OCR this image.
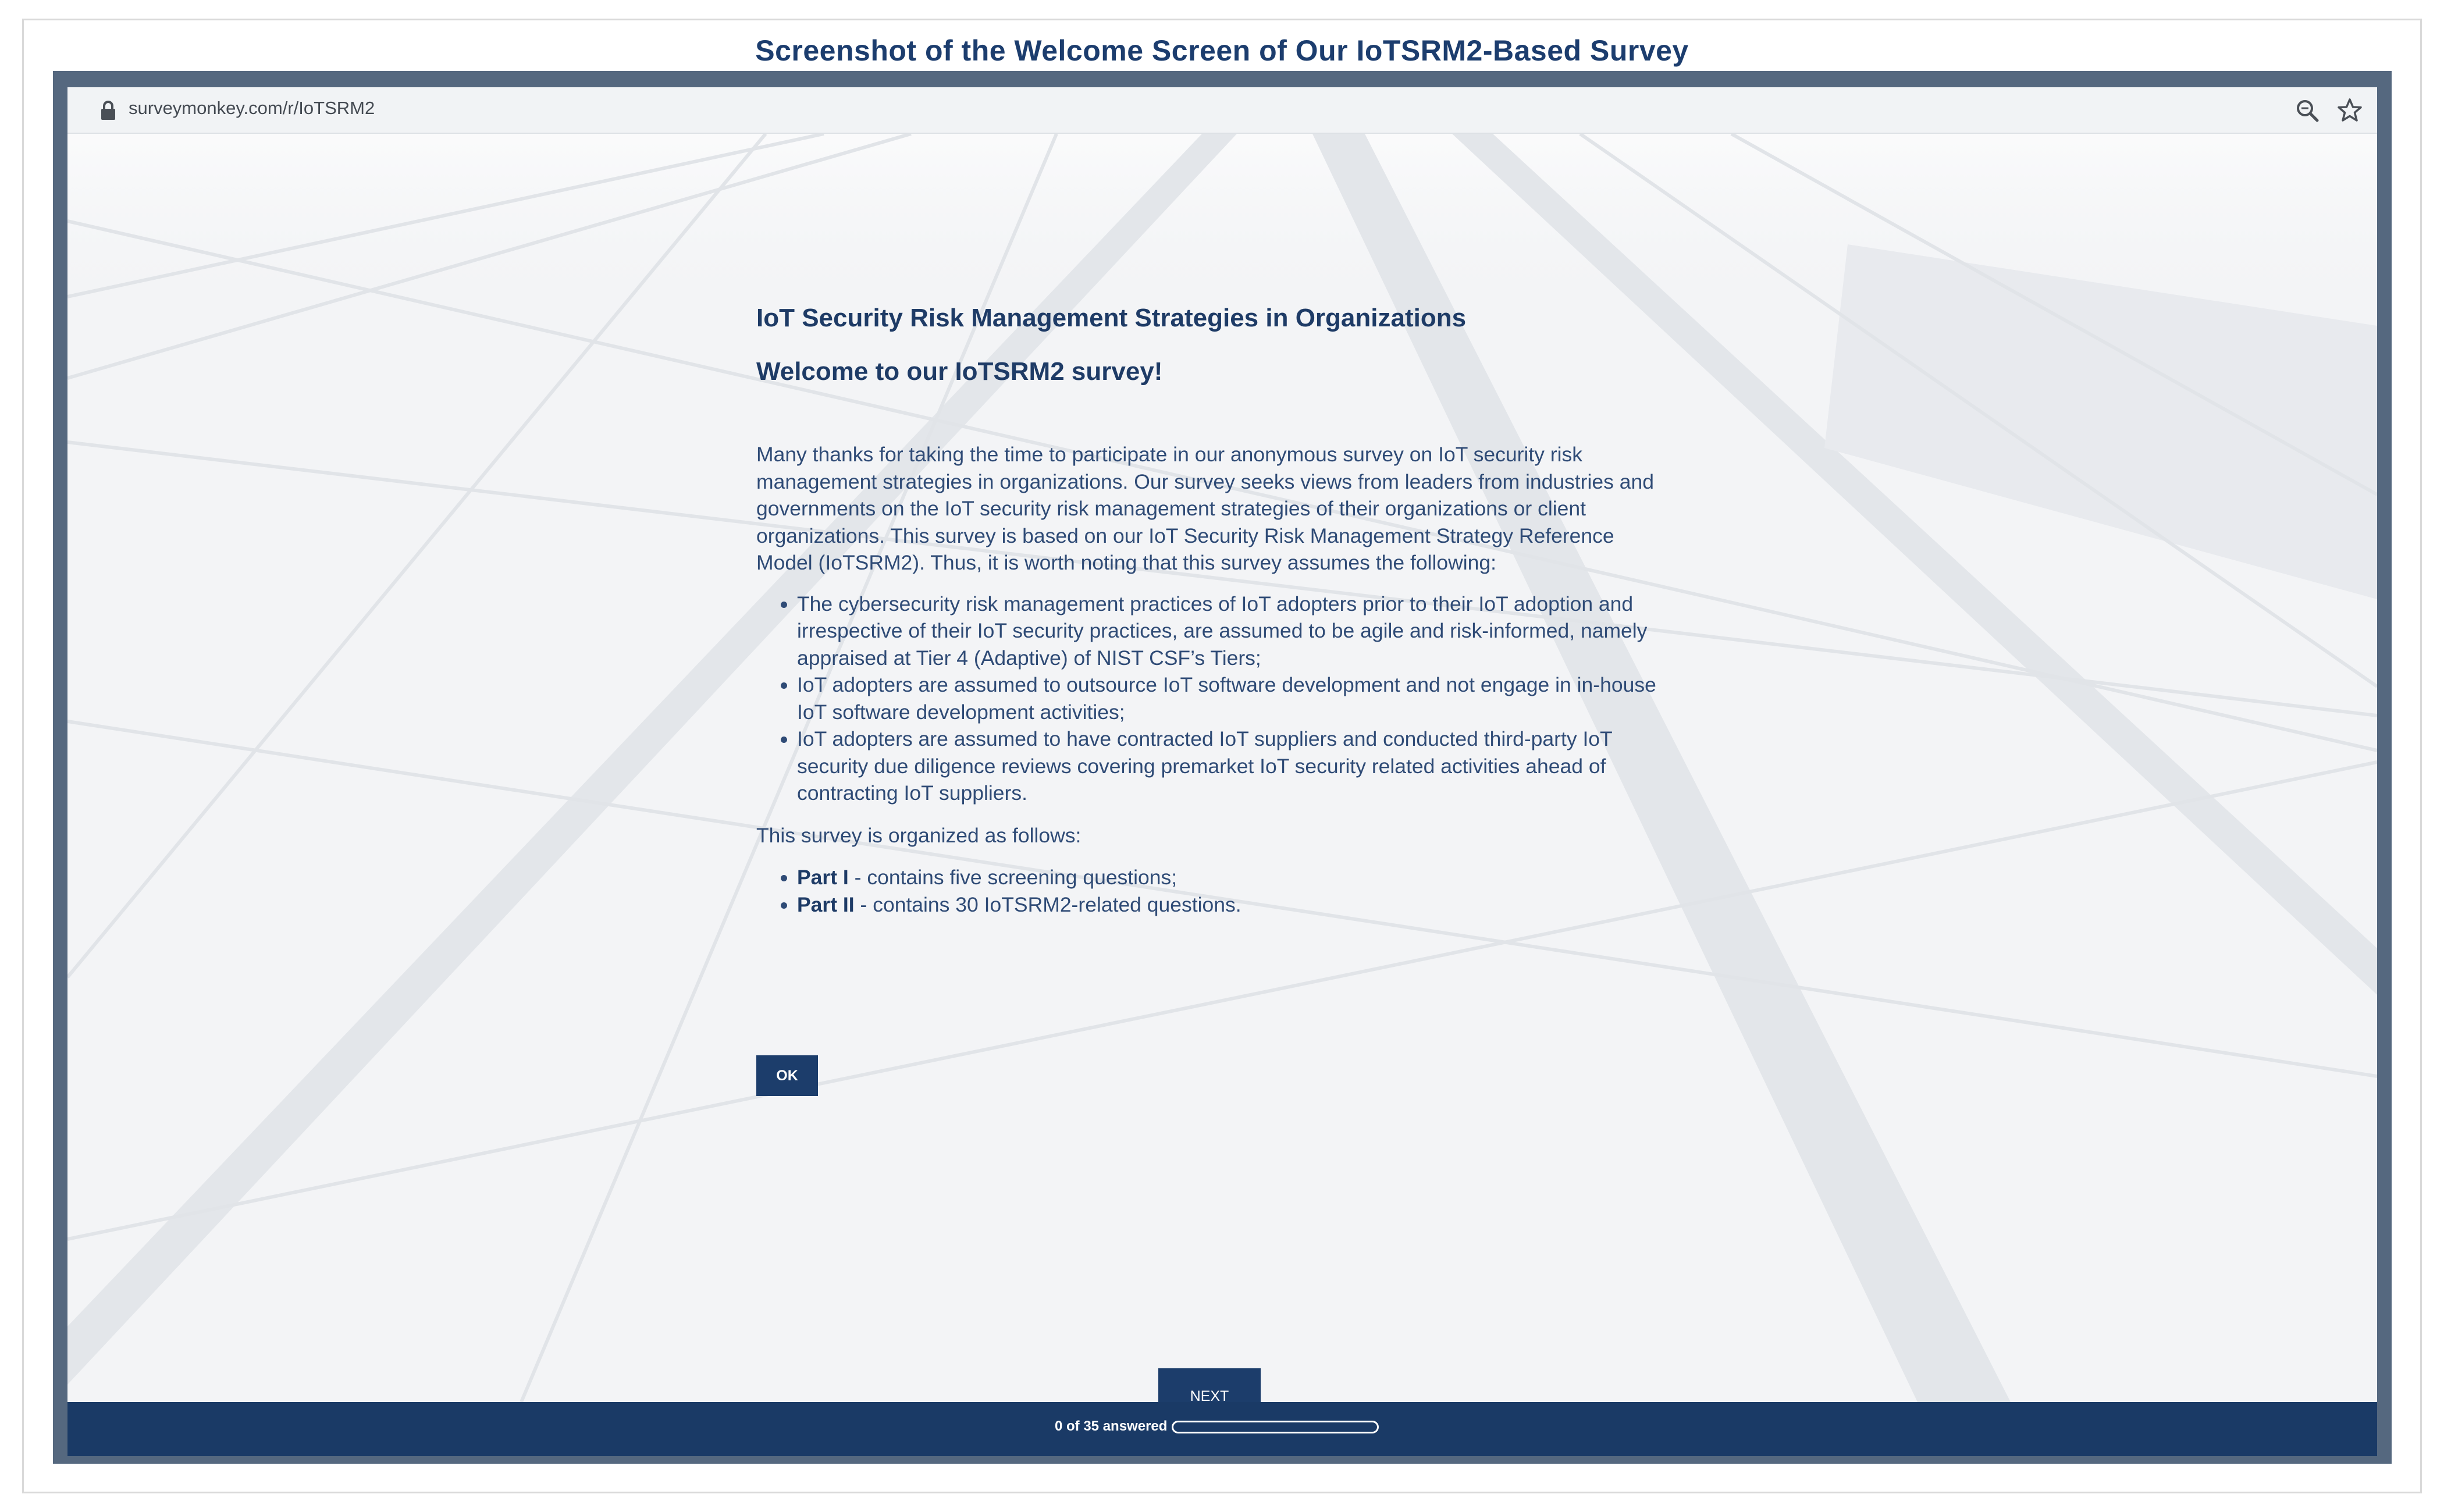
Screenshot of the Welcome Screen of Our IoTSRM2-Based Survey
surveymonkey.com/r/IoTSRM2
IoT Security Risk Management Strategies in Organizations
Welcome to our IoTSRM2 survey!

Many thanks for taking the time to participate in our anonymous survey on IoT security risk management strategies in organizations. Our survey seeks views from leaders from industries and governments on the IoT security risk management strategies of their organizations or client organizations. This survey is based on our IoT Security Risk Management Strategy Reference Model (IoTSRM2). Thus, it is worth noting that this survey assumes the following:

• The cybersecurity risk management practices of IoT adopters prior to their IoT adoption and irrespective of their IoT security practices, are assumed to be agile and risk-informed, namely appraised at Tier 4 (Adaptive) of NIST CSF’s Tiers;
• IoT adopters are assumed to outsource IoT software development and not engage in in-house IoT software development activities;
• IoT adopters are assumed to have contracted IoT suppliers and conducted third-party IoT security due diligence reviews covering premarket IoT security related activities ahead of contracting IoT suppliers.

This survey is organized as follows:

• Part I - contains five screening questions;
• Part II - contains 30 IoTSRM2-related questions.
OK
NEXT
0 of 35 answered
